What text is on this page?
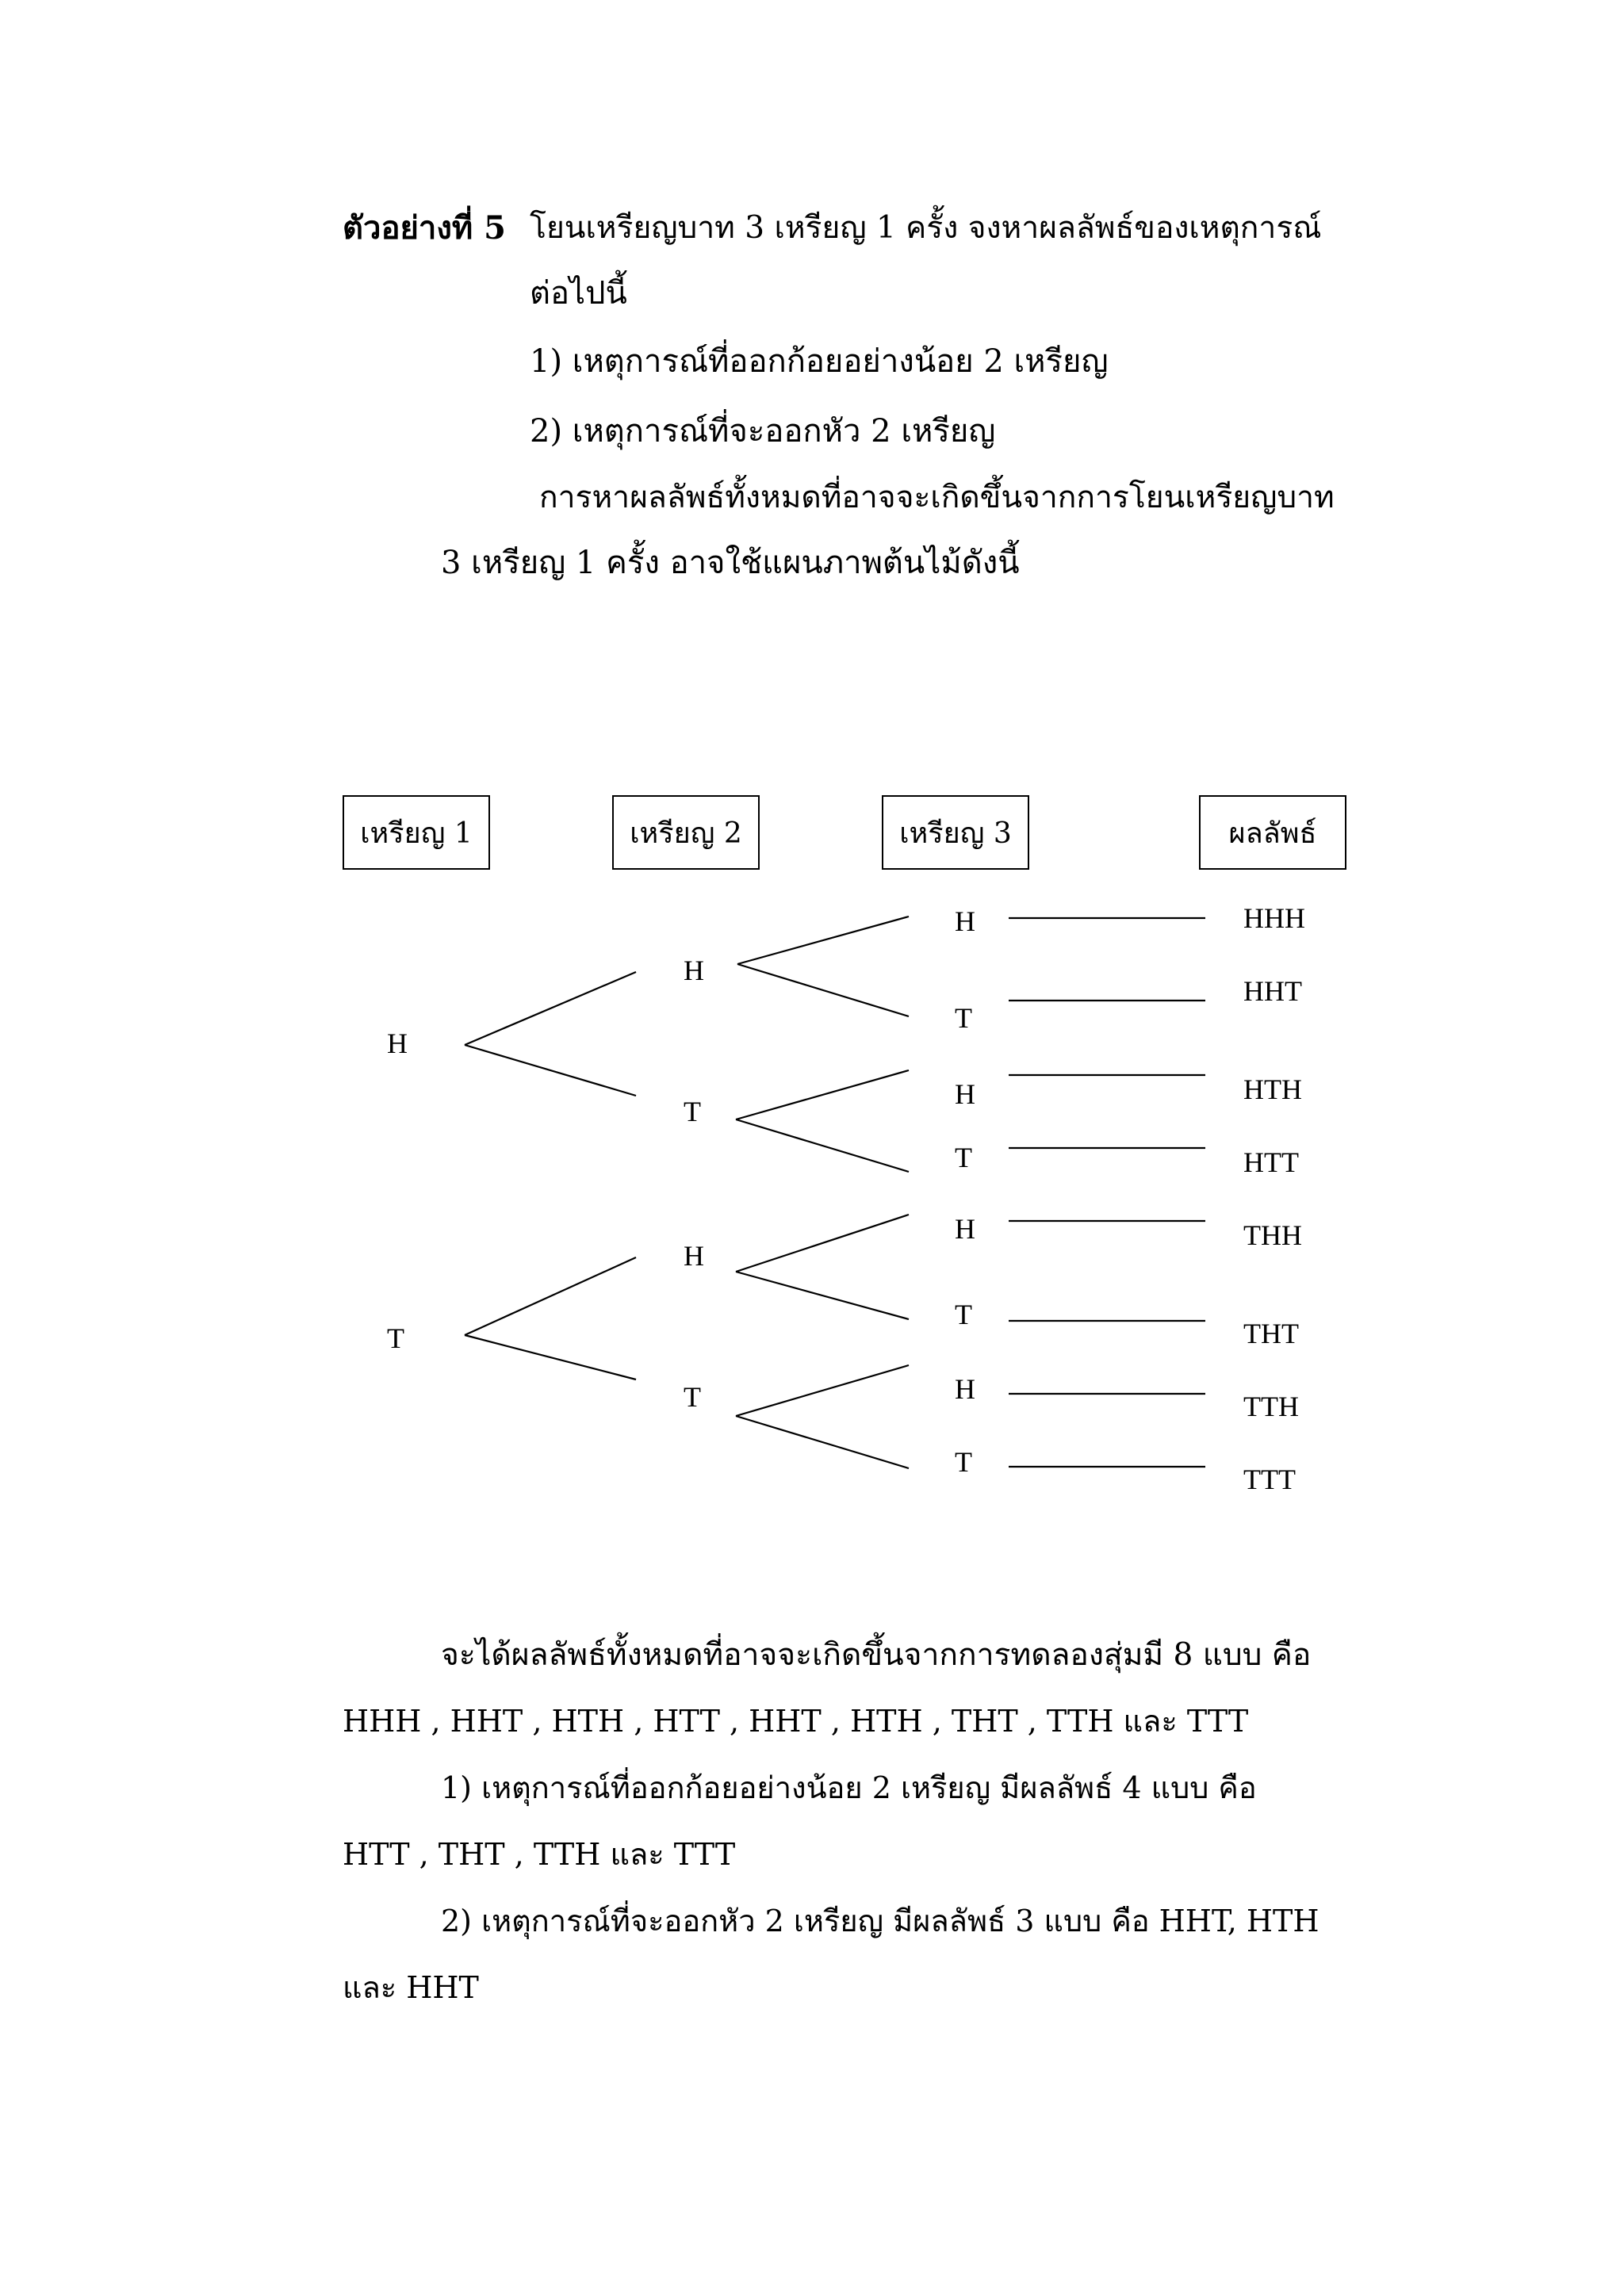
ตัวอย่างที่ 5 โยนเหรียญบาท 3 เหรียญ 1 ครั้ง จงหาผลลัพธ์ของเหตุการณ์
ต่อไปนี้
1) เหตุการณ์ที่ออกก้อยอย่างน้อย 2 เหรียญ
2) เหตุการณ์ที่จะออกหัว 2 เหรียญ
การหาผลลัพธ์ทั้งหมดที่อาจจะเกิดขึ้นจากการโยนเหรียญบาท
3 เหรียญ 1 ครั้ง อาจใช้แผนภาพต้นไม้ดังนี้
เหรียญ 1	เหรียญ 2	เหรียญ 3	ผลลัพธ์
H
T
H
T
H
T
H
T
H
T
H
T
H
T
HHH
HHT
HTH
HTT
THH
THT
TTH
TTT
จะได้ผลลัพธ์ทั้งหมดที่อาจจะเกิดขึ้นจากการทดลองสุ่มมี 8 แบบ คือ
HHH , HHT , HTH , HTT , HHT , HTH , THT , TTH และ TTT
1) เหตุการณ์ที่ออกก้อยอย่างน้อย 2 เหรียญ มีผลลัพธ์ 4 แบบ คือ
HTT , THT , TTH และ TTT
2) เหตุการณ์ที่จะออกหัว 2 เหรียญ มีผลลัพธ์ 3 แบบ คือ HHT, HTH
และ HHT
